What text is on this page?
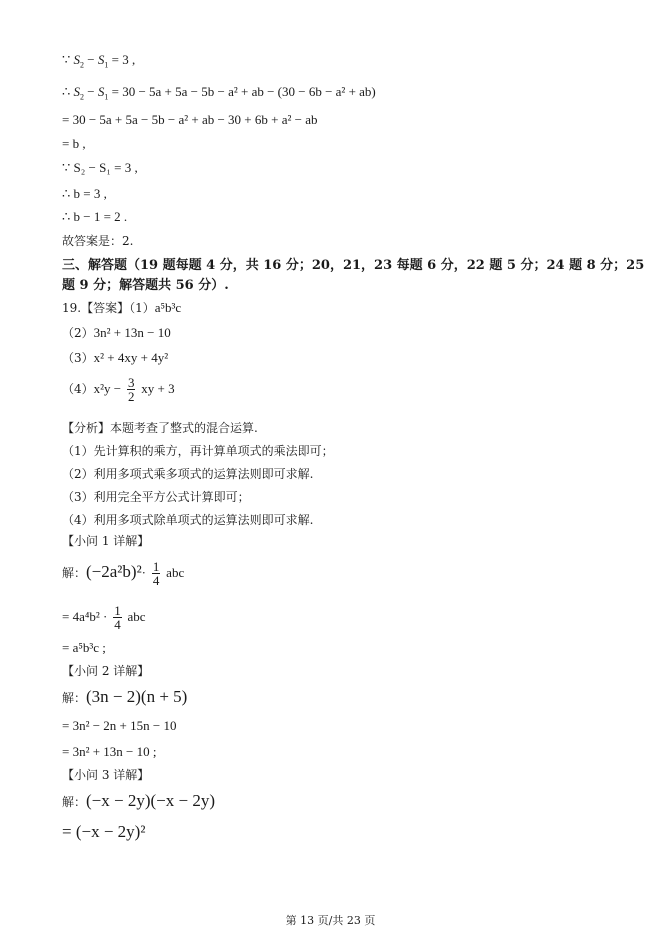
∵ $S_2 - S_1 = 3$ ,
∴ $S_2 - S_1 = 30 - 5a + 5a - 5b - a^2$ + ab − (30 − 6b − a² + ab)
= 30 − 5a + 5a − 5b − a² + ab − 30 + 6b + a² − ab
= b ,
∵ S₂ − S₁ = 3 ,
∴ b = 3 ,
∴ b − 1 = 2 .
故答案是：2.
三、解答题（19 题每题 4 分，共 16 分；20，21，23 每题 6 分，22 题 5 分；24 题 8 分；25
题 9 分；解答题共 56 分）.
19.【答案】（1）a⁵b³c
（2）3n² + 13n − 10
（3）x² + 4xy + 4y²
$(4)x^2y - \frac{3}{2}$ xy + 3
【分析】本题考查了整式的混合运算.
（1）先计算积的乘方，再计算单项式的乘法即可；
（2）利用多项式乘多项式的运算法则即可求解.
（3）利用完全平方公式计算即可；
（4）利用多项式除单项式的运算法则即可求解.
【小问 1 详解】
解：$(-2a^2b)^2\cdot \frac{1}{4}$ abc
= $4a^4b^2 \cdot \frac{1}{4}$ abc
= a⁵b³c ;
【小问 2 详解】
解：(3n − 2)(n + 5)
= 3n² − 2n + 15n − 10
= 3n² + 13n − 10 ;
【小问 3 详解】
解：(−x − 2y)(−x − 2y)
= (−x − 2y)²
第 13 页/共 23 页
